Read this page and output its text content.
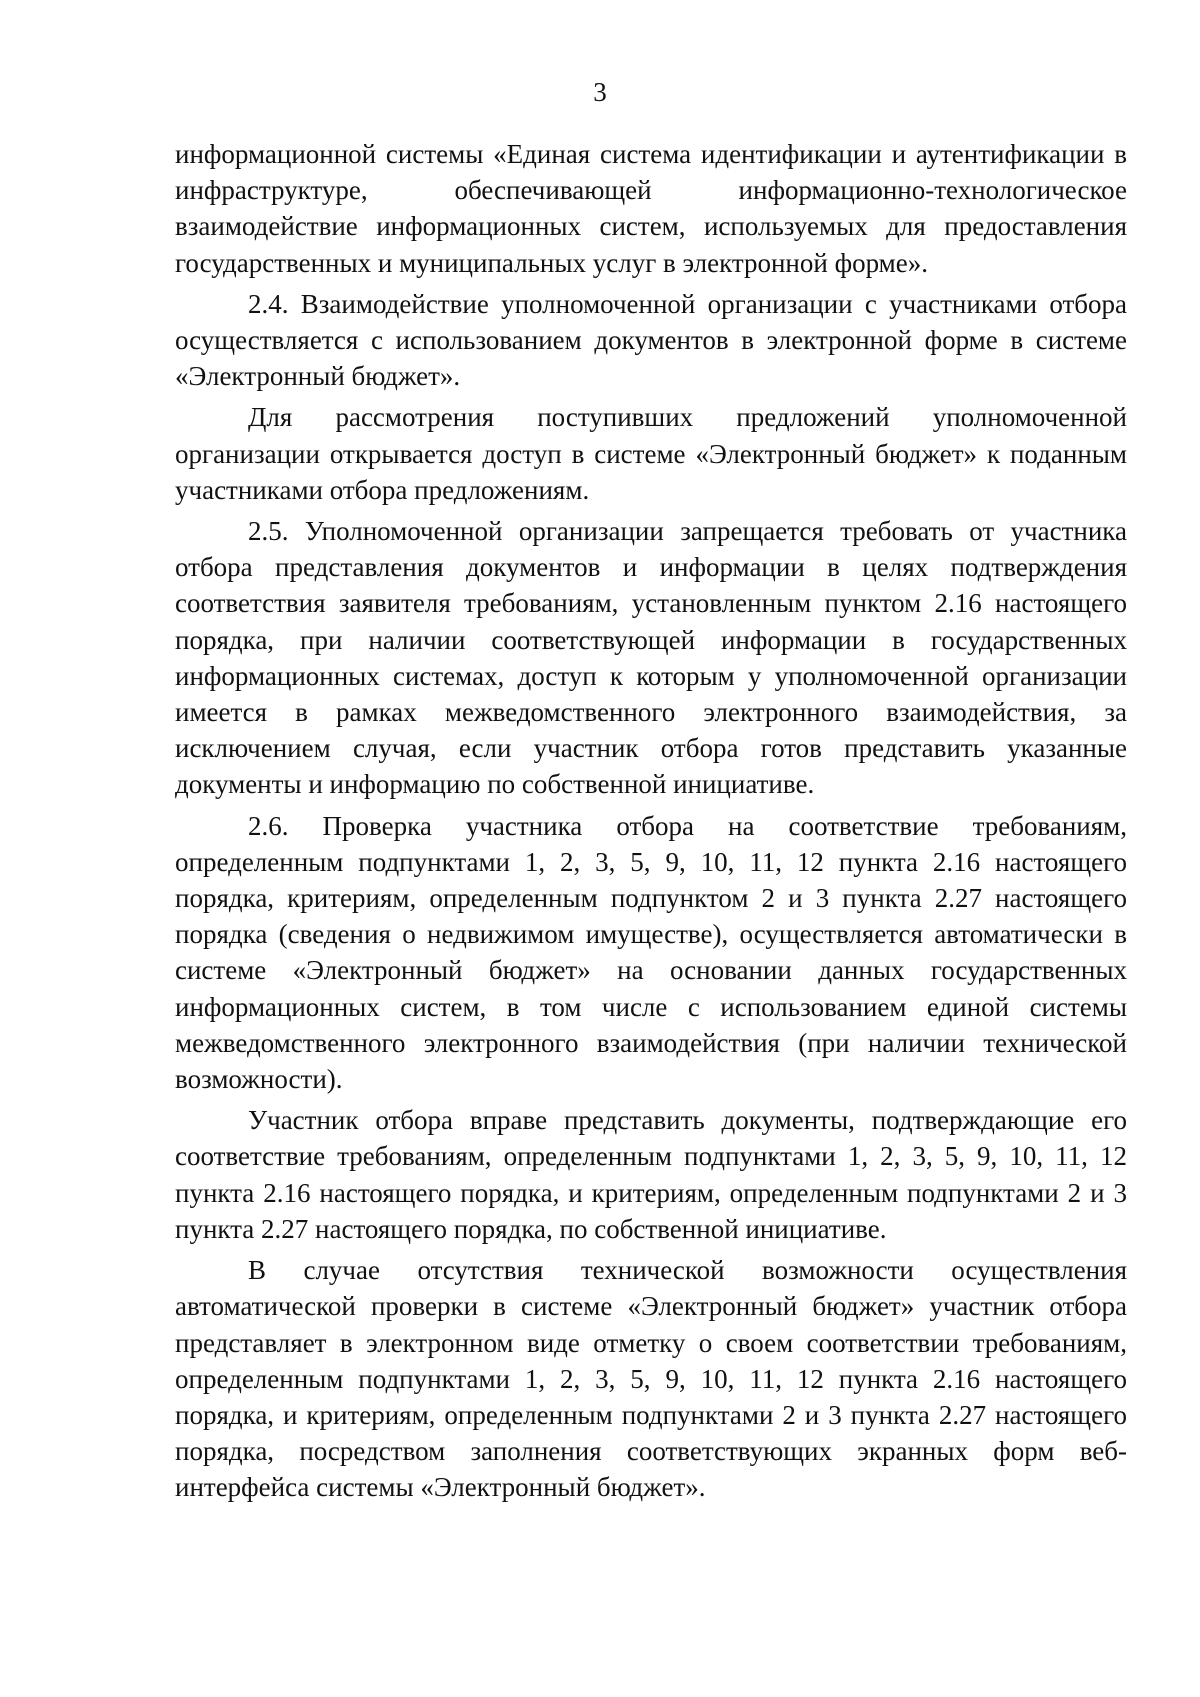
3

информационной системы «Единая система идентификации и аутентификации в инфраструктуре, обеспечивающей информационно-технологическое взаимодействие информационных систем, используемых для предоставления государственных и муниципальных услуг в электронной форме».

2.4. Взаимодействие уполномоченной организации с участниками отбора осуществляется с использованием документов в электронной форме в системе «Электронный бюджет».

Для рассмотрения поступивших предложений уполномоченной организации открывается доступ в системе «Электронный бюджет» к поданным участниками отбора предложениям.

2.5. Уполномоченной организации запрещается требовать от участника отбора представления документов и информации в целях подтверждения соответствия заявителя требованиям, установленным пунктом 2.16 настоящего порядка, при наличии соответствующей информации в государственных информационных системах, доступ к которым у уполномоченной организации имеется в рамках межведомственного электронного взаимодействия, за исключением случая, если участник отбора готов представить указанные документы и информацию по собственной инициативе.

2.6. Проверка участника отбора на соответствие требованиям, определенным подпунктами 1, 2, 3, 5, 9, 10, 11, 12 пункта 2.16 настоящего порядка, критериям, определенным подпунктом 2 и 3 пункта 2.27 настоящего порядка (сведения о недвижимом имуществе), осуществляется автоматически в системе «Электронный бюджет» на основании данных государственных информационных систем, в том числе с использованием единой системы межведомственного электронного взаимодействия (при наличии технической возможности).

Участник отбора вправе представить документы, подтверждающие его соответствие требованиям, определенным подпунктами 1, 2, 3, 5, 9, 10, 11, 12 пункта 2.16 настоящего порядка, и критериям, определенным подпунктами 2 и 3 пункта 2.27 настоящего порядка, по собственной инициативе.

В случае отсутствия технической возможности осуществления автоматической проверки в системе «Электронный бюджет» участник отбора представляет в электронном виде отметку о своем соответствии требованиям, определенным подпунктами 1, 2, 3, 5, 9, 10, 11, 12 пункта 2.16 настоящего порядка, и критериям, определенным подпунктами 2 и 3 пункта 2.27 настоящего порядка, посредством заполнения соответствующих экранных форм веб-интерфейса системы «Электронный бюджет».
